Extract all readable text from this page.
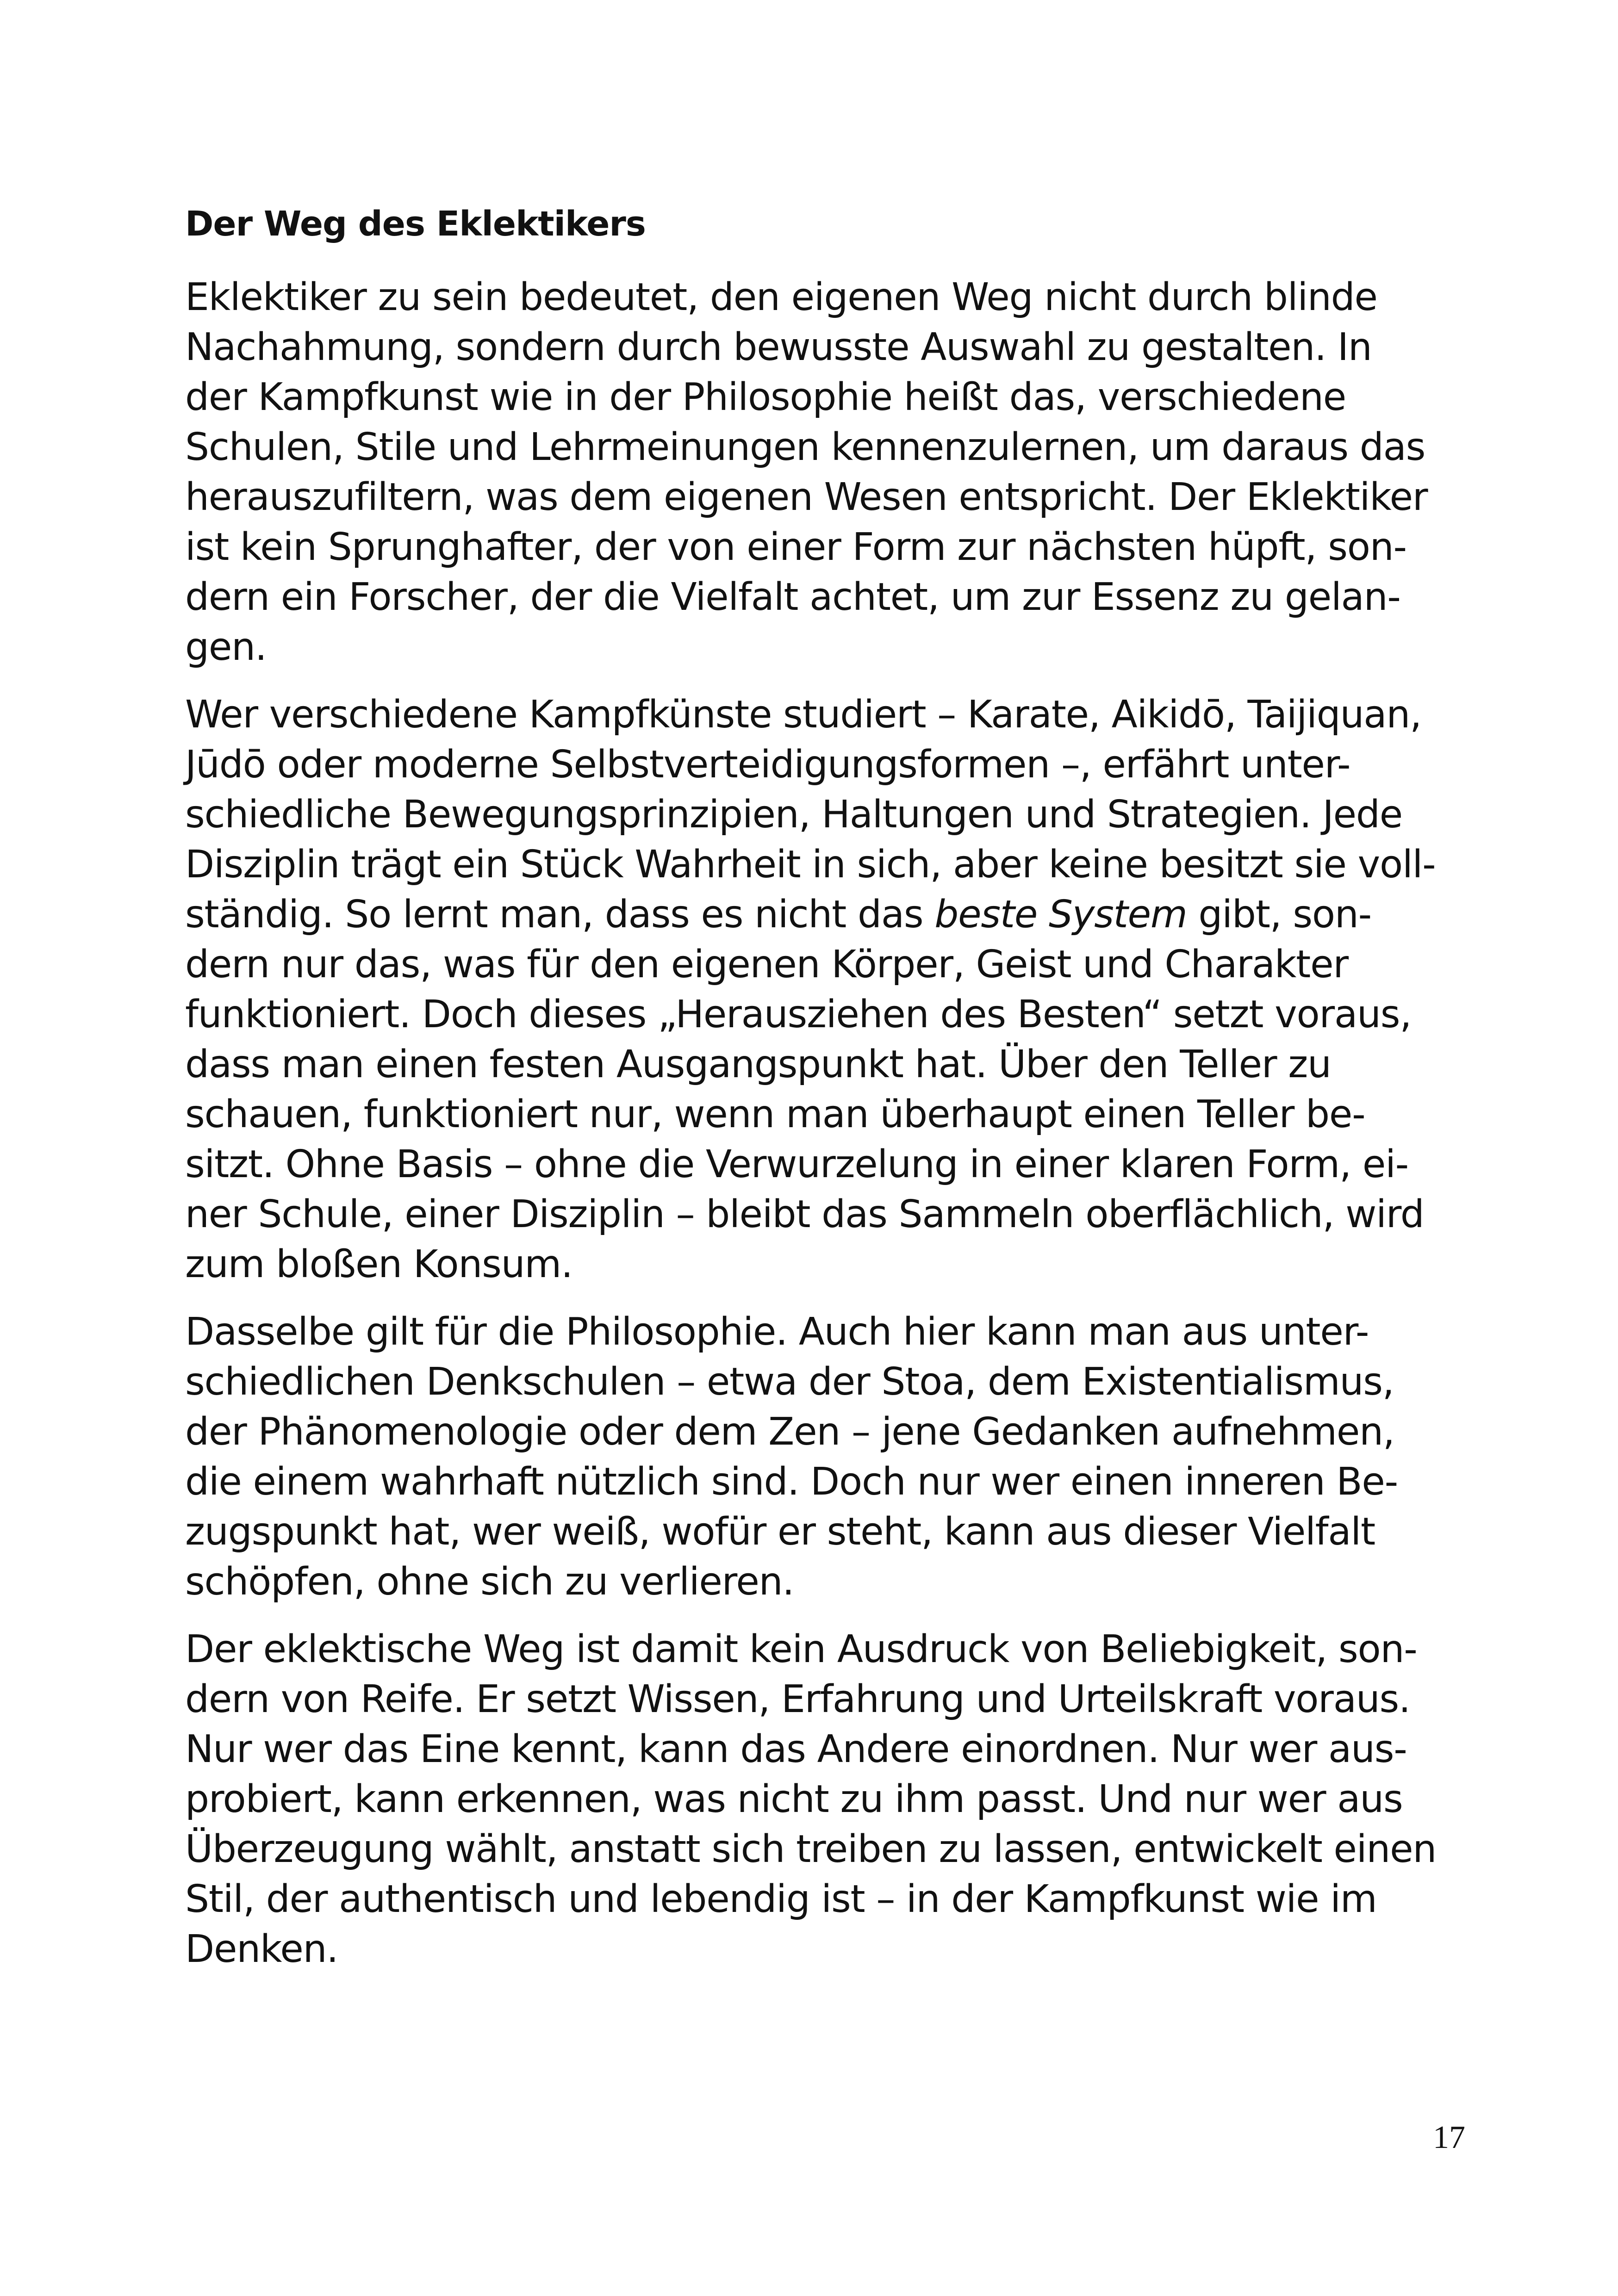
Der Weg des Eklektikers

Eklektiker zu sein bedeutet, den eigenen Weg nicht durch blinde
Nachahmung, sondern durch bewusste Auswahl zu gestalten. In
der Kampfkunst wie in der Philosophie heißt das, verschiedene
Schulen, Stile und Lehrmeinungen kennenzulernen, um daraus das
herauszufiltern, was dem eigenen Wesen entspricht. Der Eklektiker
ist kein Sprunghafter, der von einer Form zur nächsten hüpft, son-
dern ein Forscher, der die Vielfalt achtet, um zur Essenz zu gelan-
gen.

Wer verschiedene Kampfkünste studiert – Karate, Aikidō, Taijiquan,
Jūdō oder moderne Selbstverteidigungsformen –, erfährt unter-
schiedliche Bewegungsprinzipien, Haltungen und Strategien. Jede
Disziplin trägt ein Stück Wahrheit in sich, aber keine besitzt sie voll-
ständig. So lernt man, dass es nicht das beste System gibt, son-
dern nur das, was für den eigenen Körper, Geist und Charakter
funktioniert. Doch dieses „Herausziehen des Besten“ setzt voraus,
dass man einen festen Ausgangspunkt hat. Über den Teller zu
schauen, funktioniert nur, wenn man überhaupt einen Teller be-
sitzt. Ohne Basis – ohne die Verwurzelung in einer klaren Form, ei-
ner Schule, einer Disziplin – bleibt das Sammeln oberflächlich, wird
zum bloßen Konsum.

Dasselbe gilt für die Philosophie. Auch hier kann man aus unter-
schiedlichen Denkschulen – etwa der Stoa, dem Existentialismus,
der Phänomenologie oder dem Zen – jene Gedanken aufnehmen,
die einem wahrhaft nützlich sind. Doch nur wer einen inneren Be-
zugspunkt hat, wer weiß, wofür er steht, kann aus dieser Vielfalt
schöpfen, ohne sich zu verlieren.

Der eklektische Weg ist damit kein Ausdruck von Beliebigkeit, son-
dern von Reife. Er setzt Wissen, Erfahrung und Urteilskraft voraus.
Nur wer das Eine kennt, kann das Andere einordnen. Nur wer aus-
probiert, kann erkennen, was nicht zu ihm passt. Und nur wer aus
Überzeugung wählt, anstatt sich treiben zu lassen, entwickelt einen
Stil, der authentisch und lebendig ist – in der Kampfkunst wie im
Denken.

17
